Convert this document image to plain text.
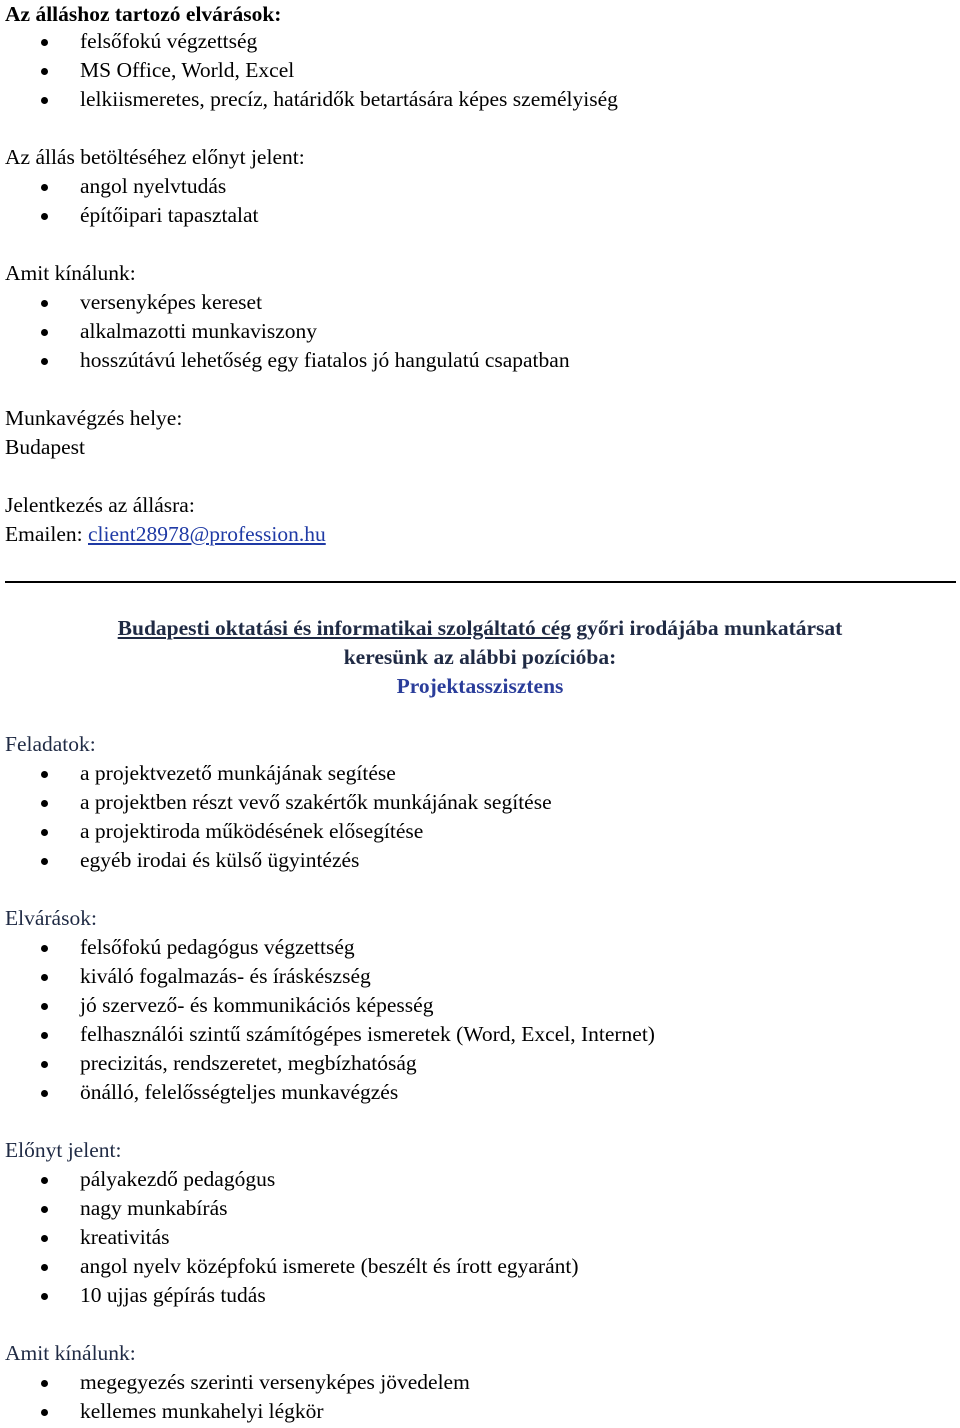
Az álláshoz tartozó elvárások:
felsőfokú végzettség
MS Office, World, Excel
lelkiismeretes, precíz, határidők betartására képes személyiség
Az állás betöltéséhez előnyt jelent:
angol nyelvtudás
építőipari tapasztalat
Amit kínálunk:
versenyképes kereset
alkalmazotti munkaviszony
hosszútávú lehetőség egy fiatalos jó hangulatú csapatban
Munkavégzés helye:
Budapest
Jelentkezés az állásra:
Emailen: client28978@profession.hu
Budapesti oktatási és informatikai szolgáltató cég győri irodájába munkatársat
keresünk az alábbi pozícióba:
Projektasszisztens
Feladatok:
a projektvezető munkájának segítése
a projektben részt vevő szakértők munkájának segítése
a projektiroda működésének elősegítése
egyéb irodai és külső ügyintézés
Elvárások:
felsőfokú pedagógus végzettség
kiváló fogalmazás- és íráskészség
jó szervező- és kommunikációs képesség
felhasználói szintű számítógépes ismeretek (Word, Excel, Internet)
precizitás, rendszeretet, megbízhatóság
önálló, felelősségteljes munkavégzés
Előnyt jelent:
pályakezdő pedagógus
nagy munkabírás
kreativitás
angol nyelv középfokú ismerete (beszélt és írott egyaránt)
10 ujjas gépírás tudás
Amit kínálunk:
megegyezés szerinti versenyképes jövedelem
kellemes munkahelyi légkör
